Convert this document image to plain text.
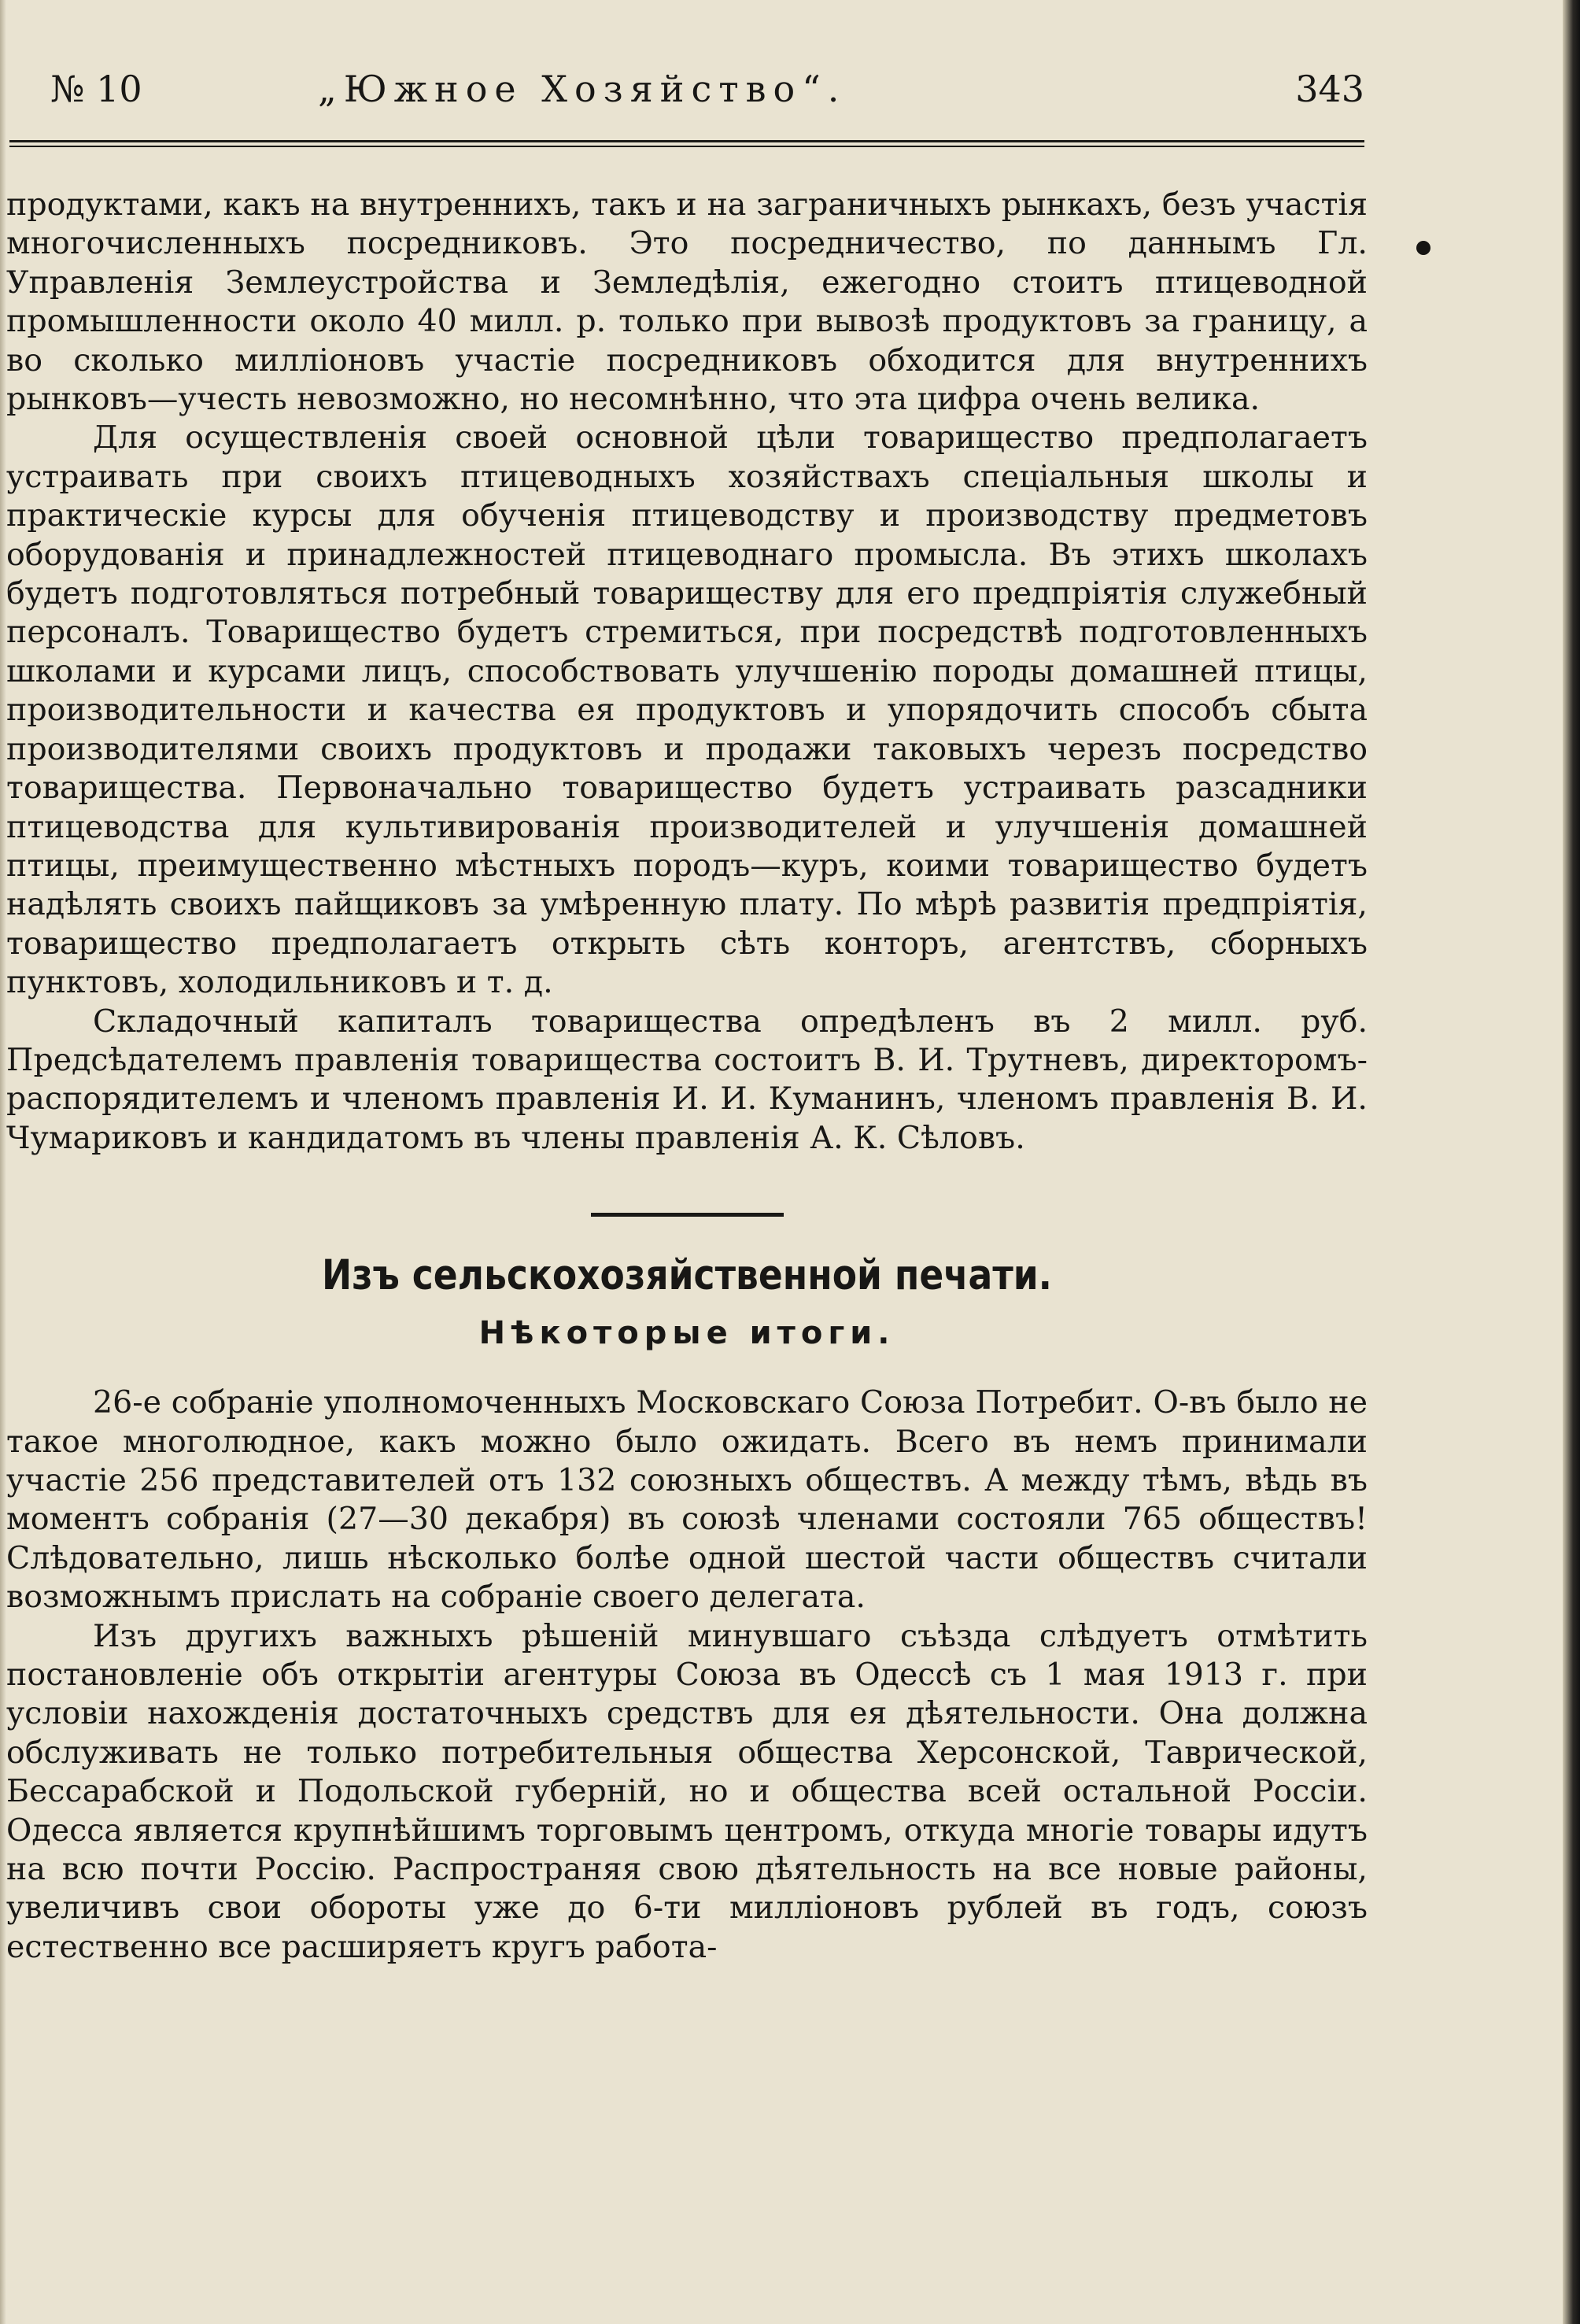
№ 10	„Южное Хозяйство“.	343

продуктами, какъ на внутреннихъ, такъ и на заграничныхъ рынкахъ, безъ участія многочисленныхъ посредниковъ. Это посредничество, по даннымъ Гл. Управленія Землеустройства и Земледѣлія, ежегодно стоитъ птицеводной промышленности около 40 милл. р. только при вывозѣ продуктовъ за границу, а во сколько милліоновъ участіе посредниковъ обходится для внутреннихъ рынковъ—учесть невозможно, но несомнѣнно, что эта цифра очень велика.

Для осуществленія своей основной цѣли товарищество предполагаетъ устраивать при своихъ птицеводныхъ хозяйствахъ спеціальныя школы и практическіе курсы для обученія птицеводству и производству предметовъ оборудованія и принадлежностей птицеводнаго промысла. Въ этихъ школахъ будетъ подготовляться потребный товариществу для его предпріятія служебный персоналъ. Товарищество будетъ стремиться, при посредствѣ подготовленныхъ школами и курсами лицъ, способствовать улучшенію породы домашней птицы, производительности и качества ея продуктовъ и упорядочить способъ сбыта производителями своихъ продуктовъ и продажи таковыхъ черезъ посредство товарищества. Первоначально товарищество будетъ устраивать разсадники птицеводства для культивированія производителей и улучшенія домашней птицы, преимущественно мѣстныхъ породъ—куръ, коими товарищество будетъ надѣлять своихъ пайщиковъ за умѣренную плату. По мѣрѣ развитія предпріятія, товарищество предполагаетъ открыть сѣть конторъ, агентствъ, сборныхъ пунктовъ, холодильниковъ и т. д.

Складочный капиталъ товарищества опредѣленъ въ 2 милл. руб. Предсѣдателемъ правленія товарищества состоитъ В. И. Трутневъ, директоромъ-распорядителемъ и членомъ правленія И. И. Куманинъ, членомъ правленія В. И. Чумариковъ и кандидатомъ въ члены правленія А. К. Сѣловъ.

Изъ сельскохозяйственной печати.
Нѣкоторые итоги.

26-е собраніе уполномоченныхъ Московскаго Союза Потребит. О-въ было не такое многолюдное, какъ можно было ожидать. Всего въ немъ принимали участіе 256 представителей отъ 132 союзныхъ обществъ. А между тѣмъ, вѣдь въ моментъ собранія (27—30 декабря) въ союзѣ членами состояли 765 обществъ! Слѣдовательно, лишь нѣсколько болѣе одной шестой части обществъ считали возможнымъ прислать на собраніе своего делегата.

Изъ другихъ важныхъ рѣшеній минувшаго съѣзда слѣдуетъ отмѣтить постановленіе объ открытіи агентуры Союза въ Одессѣ съ 1 мая 1913 г. при условіи нахожденія достаточныхъ средствъ для ея дѣятельности. Она должна обслуживать не только потребительныя общества Херсонской, Таврической, Бессарабской и Подольской губерній, но и общества всей остальной Россіи. Одесса является крупнѣйшимъ торговымъ центромъ, откуда многіе товары идутъ на всю почти Россію. Распространяя свою дѣятельность на все новые районы, увеличивъ свои обороты уже до 6-ти милліоновъ рублей въ годъ, союзъ естественно все расширяетъ кругъ работа-
